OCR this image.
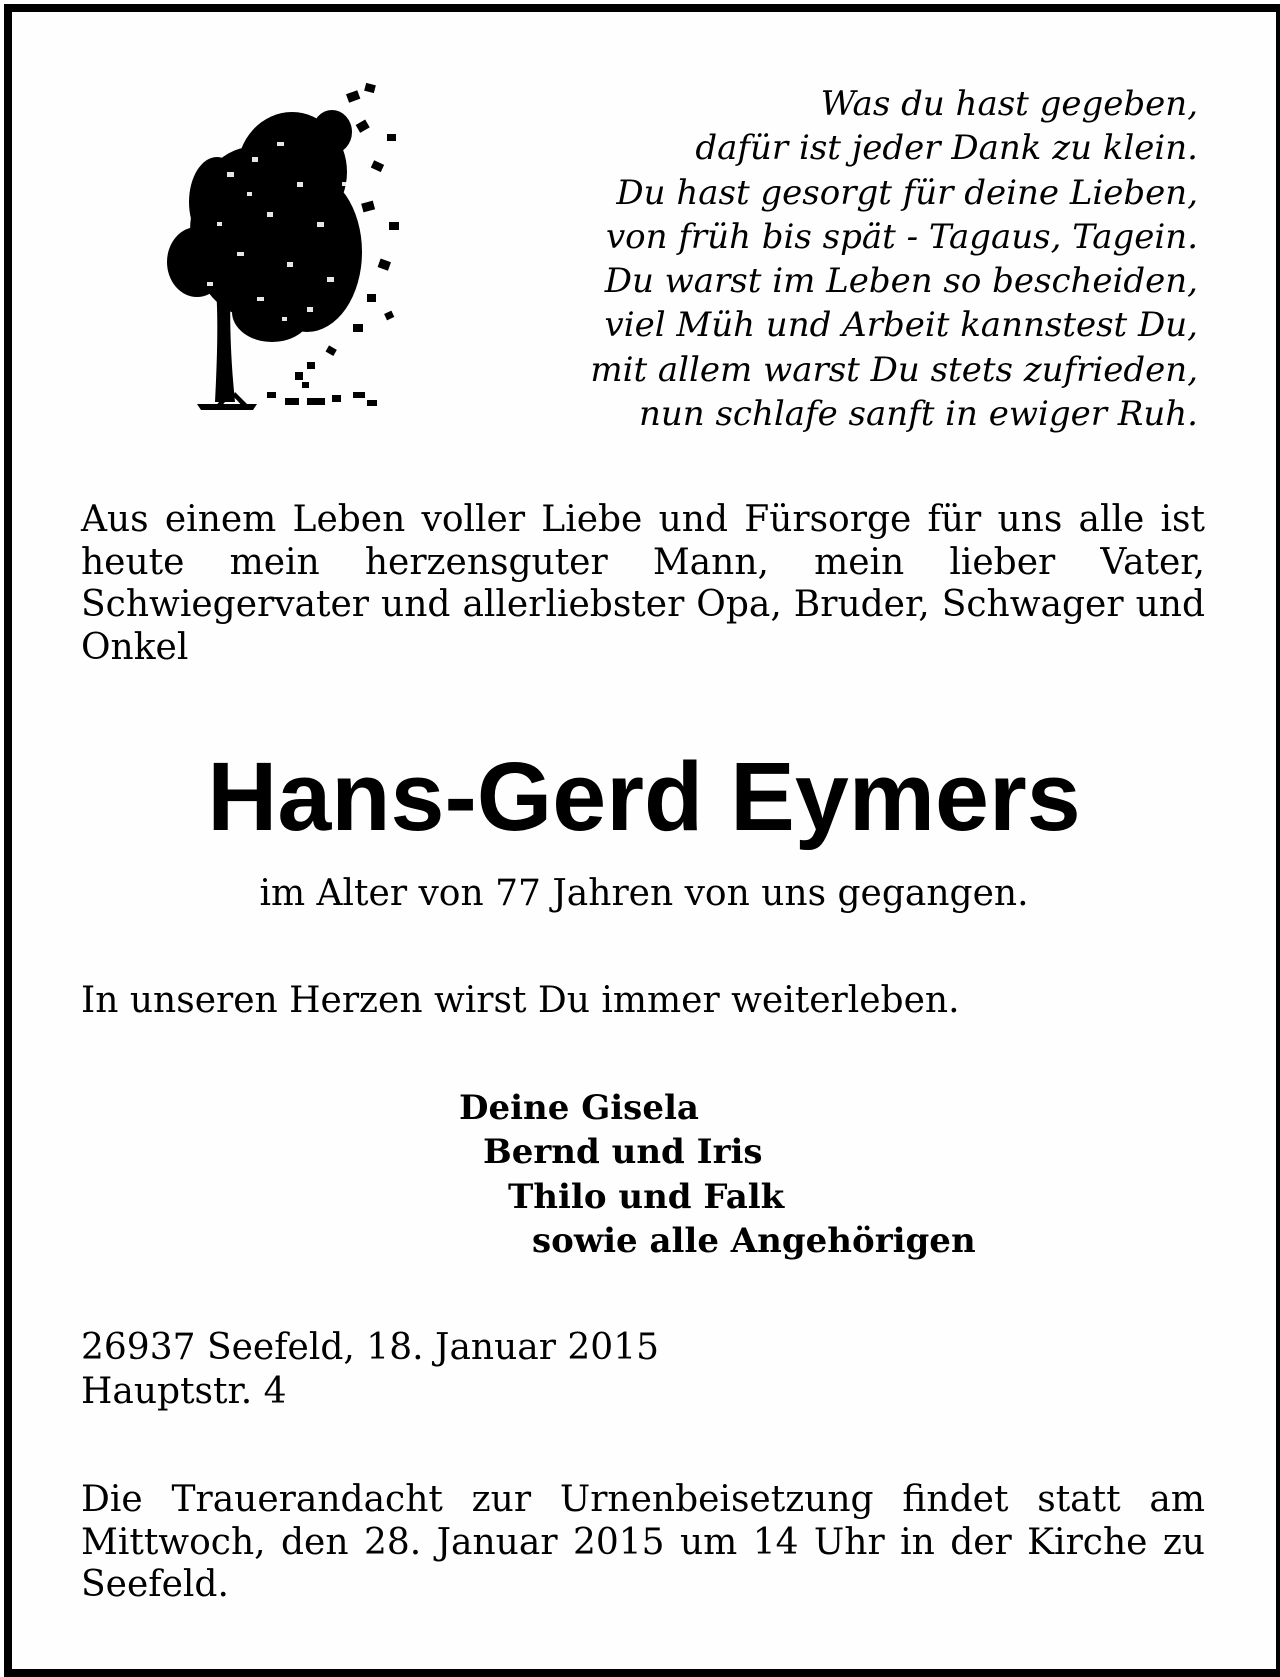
Was du hast gegeben,
dafür ist jeder Dank zu klein.
Du hast gesorgt für deine Lieben,
von früh bis spät - Tagaus, Tagein.
Du warst im Leben so bescheiden,
viel Müh und Arbeit kannstest Du,
mit allem warst Du stets zufrieden,
nun schlafe sanft in ewiger Ruh.
Aus einem Leben voller Liebe und Fürsorge für uns alle ist heute mein herzensguter Mann, mein lieber Vater, Schwiegervater und allerliebster Opa, Bruder, Schwager und Onkel
Hans-Gerd Eymers
im Alter von 77 Jahren von uns gegangen.
In unseren Herzen wirst Du immer weiterleben.
Deine Gisela
Bernd und Iris
Thilo und Falk
sowie alle Angehörigen
26937 Seefeld, 18. Januar 2015
Hauptstr. 4
Die Trauerandacht zur Urnenbeisetzung findet statt am Mittwoch, den 28. Januar 2015 um 14 Uhr in der Kirche zu Seefeld.
